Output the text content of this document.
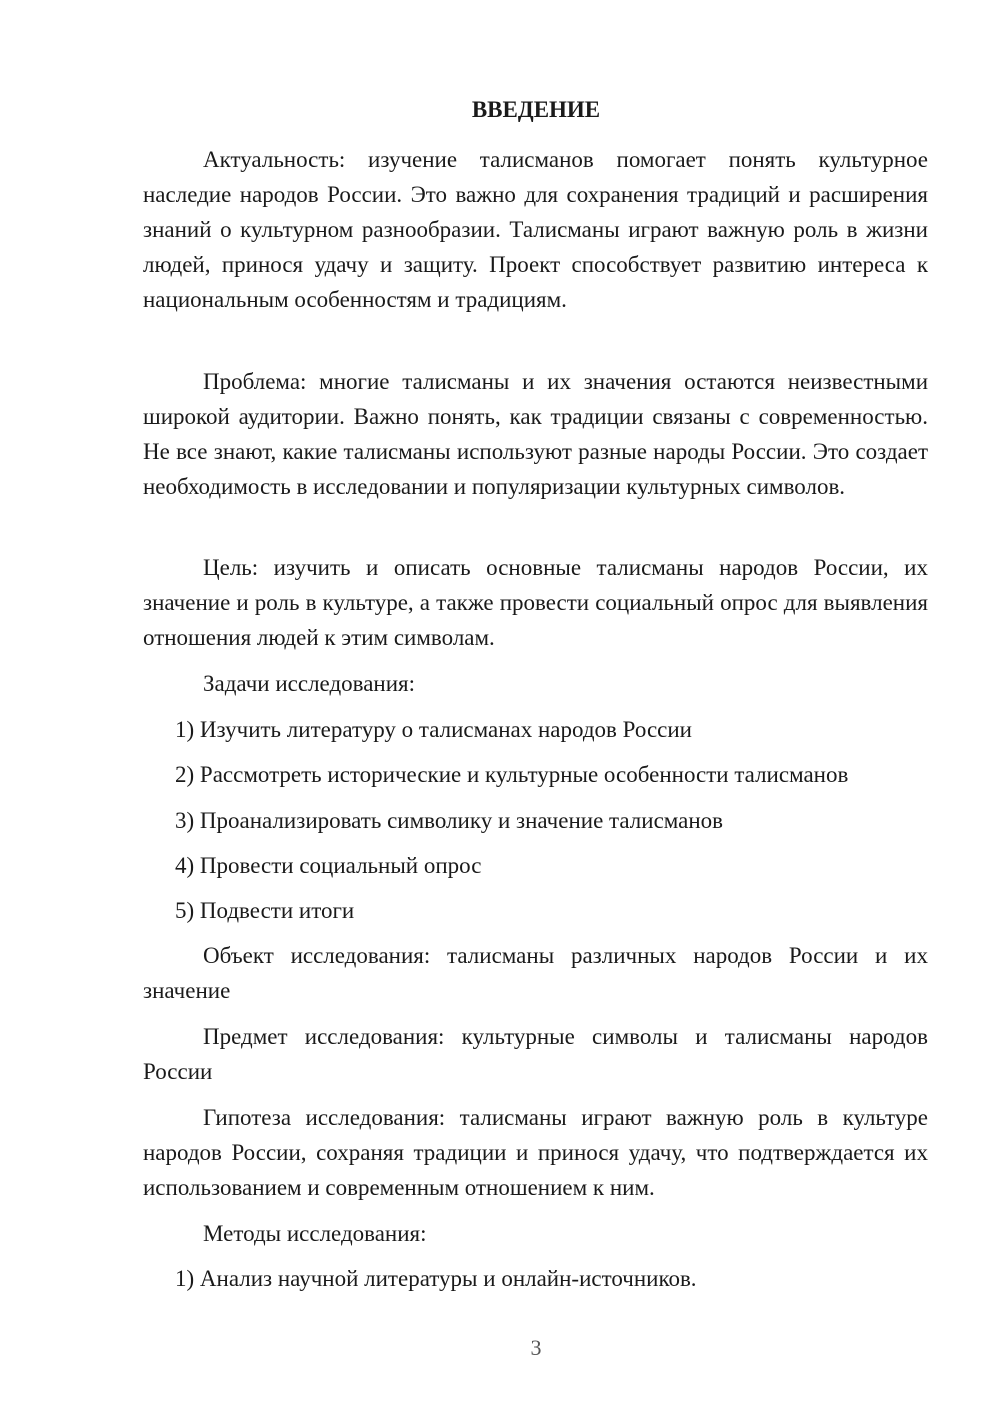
ВВЕДЕНИЕ

Актуальность: изучение талисманов помогает понять культурное наследие народов России. Это важно для сохранения традиций и расширения знаний о культурном разнообразии. Талисманы играют важную роль в жизни людей, принося удачу и защиту. Проект способствует развитию интереса к национальным особенностям и традициям.

Проблема: многие талисманы и их значения остаются неизвестными широкой аудитории. Важно понять, как традиции связаны с современностью. Не все знают, какие талисманы используют разные народы России. Это создает необходимость в исследовании и популяризации культурных символов.

Цель: изучить и описать основные талисманы народов России, их значение и роль в культуре, а также провести социальный опрос для выявления отношения людей к этим символам.

Задачи исследования:

1) Изучить литературу о талисманах народов России

2) Рассмотреть исторические и культурные особенности талисманов

3) Проанализировать символику и значение талисманов

4) Провести социальный опрос

5) Подвести итоги

Объект исследования: талисманы различных народов России и их значение

Предмет исследования: культурные символы и талисманы народов России

Гипотеза исследования: талисманы играют важную роль в культуре народов России, сохраняя традиции и принося удачу, что подтверждается их использованием и современным отношением к ним.

Методы исследования:

1) Анализ научной литературы и онлайн-источников.

3
